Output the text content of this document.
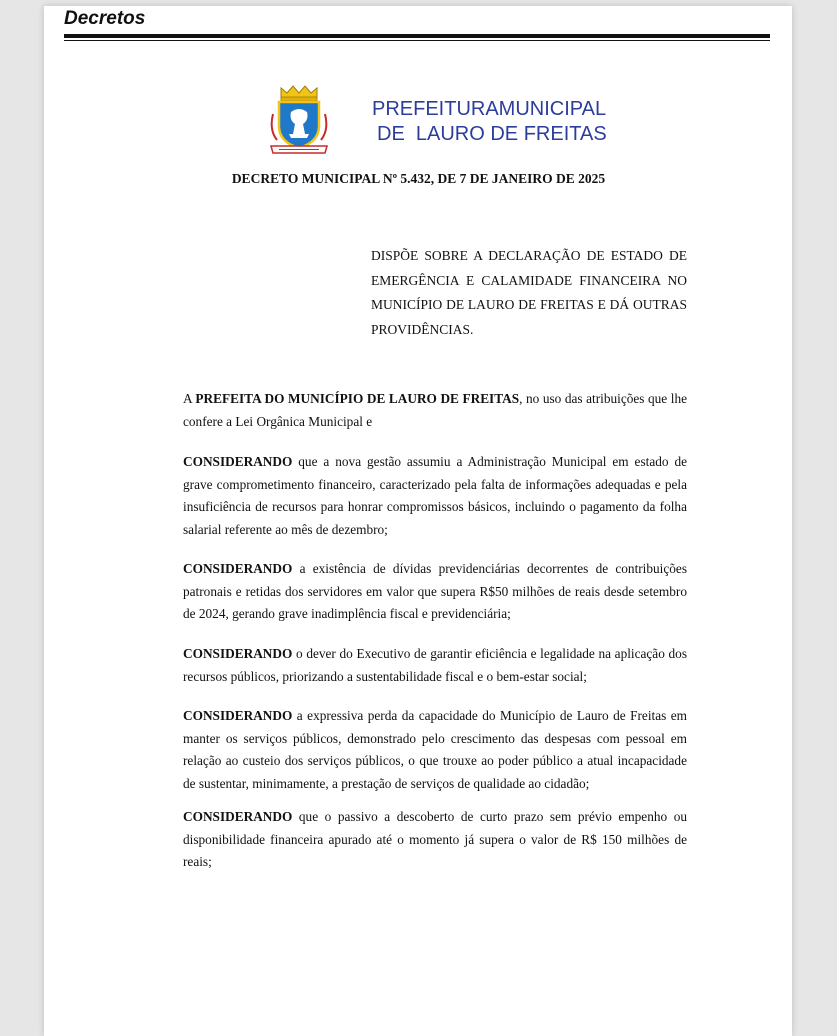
Decretos
PREFEITURAMUNICIPAL
DE  LAURO DE FREITAS
DECRETO MUNICIPAL Nº 5.432, DE 7 DE JANEIRO DE 2025
DISPÕE SOBRE A DECLARAÇÃO DE ESTADO DE EMERGÊNCIA E CALAMIDADE FINANCEIRA NO MUNICÍPIO DE LAURO DE FREITAS E DÁ OUTRAS PROVIDÊNCIAS.
A PREFEITA DO MUNICÍPIO DE LAURO DE FREITAS, no uso das atribuições que lhe confere a Lei Orgânica Municipal e
CONSIDERANDO que a nova gestão assumiu a Administração Municipal em estado de grave comprometimento financeiro, caracterizado pela falta de informações adequadas e pela insuficiência de recursos para honrar compromissos básicos, incluindo o pagamento da folha salarial referente ao mês de dezembro;
CONSIDERANDO a existência de dívidas previdenciárias decorrentes de contribuições patronais e retidas dos servidores em valor que supera R$50 milhões de reais desde setembro de 2024, gerando grave inadimplência fiscal e previdenciária;
CONSIDERANDO o dever do Executivo de garantir eficiência e legalidade na aplicação dos recursos públicos, priorizando a sustentabilidade fiscal e o bem-estar social;
CONSIDERANDO a expressiva perda da capacidade do Município de Lauro de Freitas em manter os serviços públicos, demonstrado pelo crescimento das despesas com pessoal em relação ao custeio dos serviços públicos, o que trouxe ao poder público a atual incapacidade de sustentar, minimamente, a prestação de serviços de qualidade ao cidadão;
CONSIDERANDO que o passivo a descoberto de curto prazo sem prévio empenho ou disponibilidade financeira apurado até o momento já supera o valor de R$ 150 milhões de reais;
